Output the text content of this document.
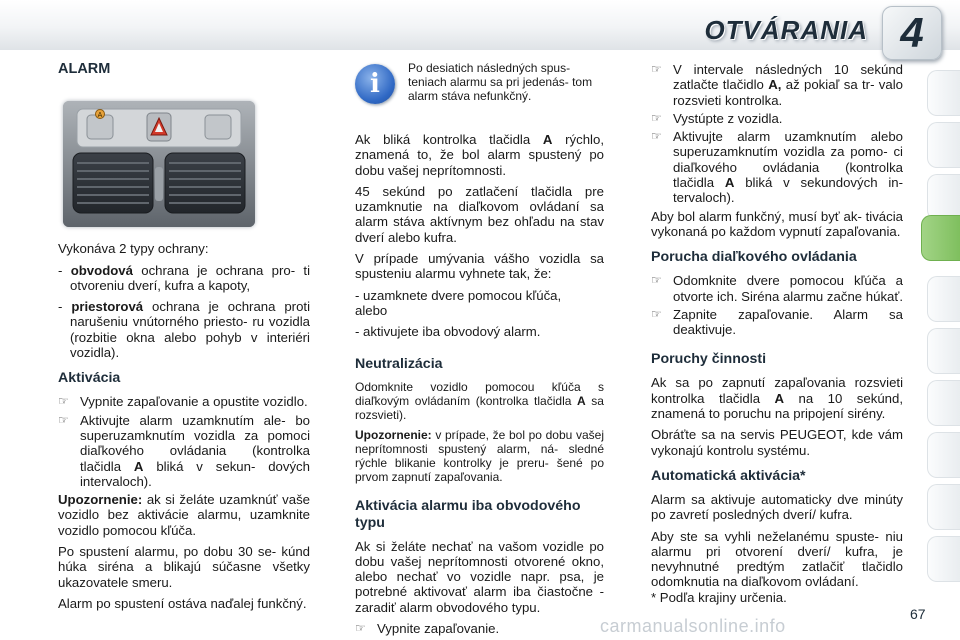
OTVÁRANIA 4
ALARM
A

Vykonáva 2 typy ochrany:

- obvodová ochrana je ochrana pro- ti otvoreniu dverí, kufra a kapoty,

- priestorová ochrana je ochrana proti narušeniu vnútorného priesto- ru vozidla (rozbitie okna alebo pohyb v interiéri vozidla).

Aktivácia
☞ Vypnite zapaľovanie a opustite vozidlo.
☞ Aktivujte alarm uzamknutím ale- bo superuzamknutím vozidla za pomoci diaľkového ovládania (kontrolka tlačidla A bliká v sekun- dových intervaloch).

Upozornenie: ak si želáte uzamknúť vaše vozidlo bez aktivácie alarmu, uzamknite vozidlo pomocou kľúča.

Po spustení alarmu, po dobu 30 se- kúnd húka siréna a blikajú súčasne všetky ukazovatele smeru.

Alarm po spustení ostáva naďalej funkčný.

i
Po desiatich následných spus- teniach alarmu sa pri jedenás- tom alarm stáva nefunkčný.

Ak bliká kontrolka tlačidla A rýchlo, znamená to, že bol alarm spustený po dobu vašej neprítomnosti.

45 sekúnd po zatlačení tlačidla pre uzamknutie na diaľkovom ovládaní sa alarm stáva aktívnym bez ohľadu na stav dverí alebo kufra.

V prípade umývania vášho vozidla sa spusteniu alarmu vyhnete tak, že:

- uzamknete dvere pomocou kľúča,

alebo

- aktivujete iba obvodový alarm.

Neutralizácia

Odomknite vozidlo pomocou kľúča s diaľkovým ovládaním (kontrolka tlačidla A sa rozsvieti).

Upozornenie: v prípade, že bol po dobu vašej neprítomnosti spustený alarm, ná- sledné rýchle blikanie kontrolky je preru- šené po prvom zapnutí zapaľovania.

Aktivácia alarmu iba obvodového typu

Ak si želáte nechať na vašom vozidle po dobu vašej neprítomnosti otvorené okno, alebo nechať vo vozidle napr. psa, je potrebné aktivovať alarm iba čiastočne - zaradiť alarm obvodového typu.

☞ Vypnite zapaľovanie.
☞ V intervale následných 10 sekúnd zatlačte tlačidlo A, až pokiaľ sa tr- valo rozsvieti kontrolka.
☞ Vystúpte z vozidla.
☞ Aktivujte alarm uzamknutím alebo superuzamknutím vozidla za pomo- ci diaľkového ovládania (kontrolka tlačidla A bliká v sekundových in- tervaloch).

Aby bol alarm funkčný, musí byť ak- tivácia vykonaná po každom vypnutí zapaľovania.

Porucha diaľkového ovládania
☞ Odomknite dvere pomocou kľúča a otvorte ich. Siréna alarmu začne húkať.
☞ Zapnite zapaľovanie. Alarm sa deaktivuje.
Poruchy činnosti

Ak sa po zapnutí zapaľovania rozsvieti kontrolka tlačidla A na 10 sekúnd, znamená to poruchu na pripojení sirény.

Obráťte sa na servis PEUGEOT, kde vám vykonajú kontrolu systému.

Automatická aktivácia*

Alarm sa aktivuje automaticky dve minúty po zavretí posledných dverí/ kufra.

Aby ste sa vyhli neželanému spuste- niu alarmu pri otvorení dverí/ kufra, je nevyhnutné predtým zatlačiť tlačidlo odomknutia na diaľkovom ovládaní.

* Podľa krajiny určenia.
carmanualsonline.info
67
